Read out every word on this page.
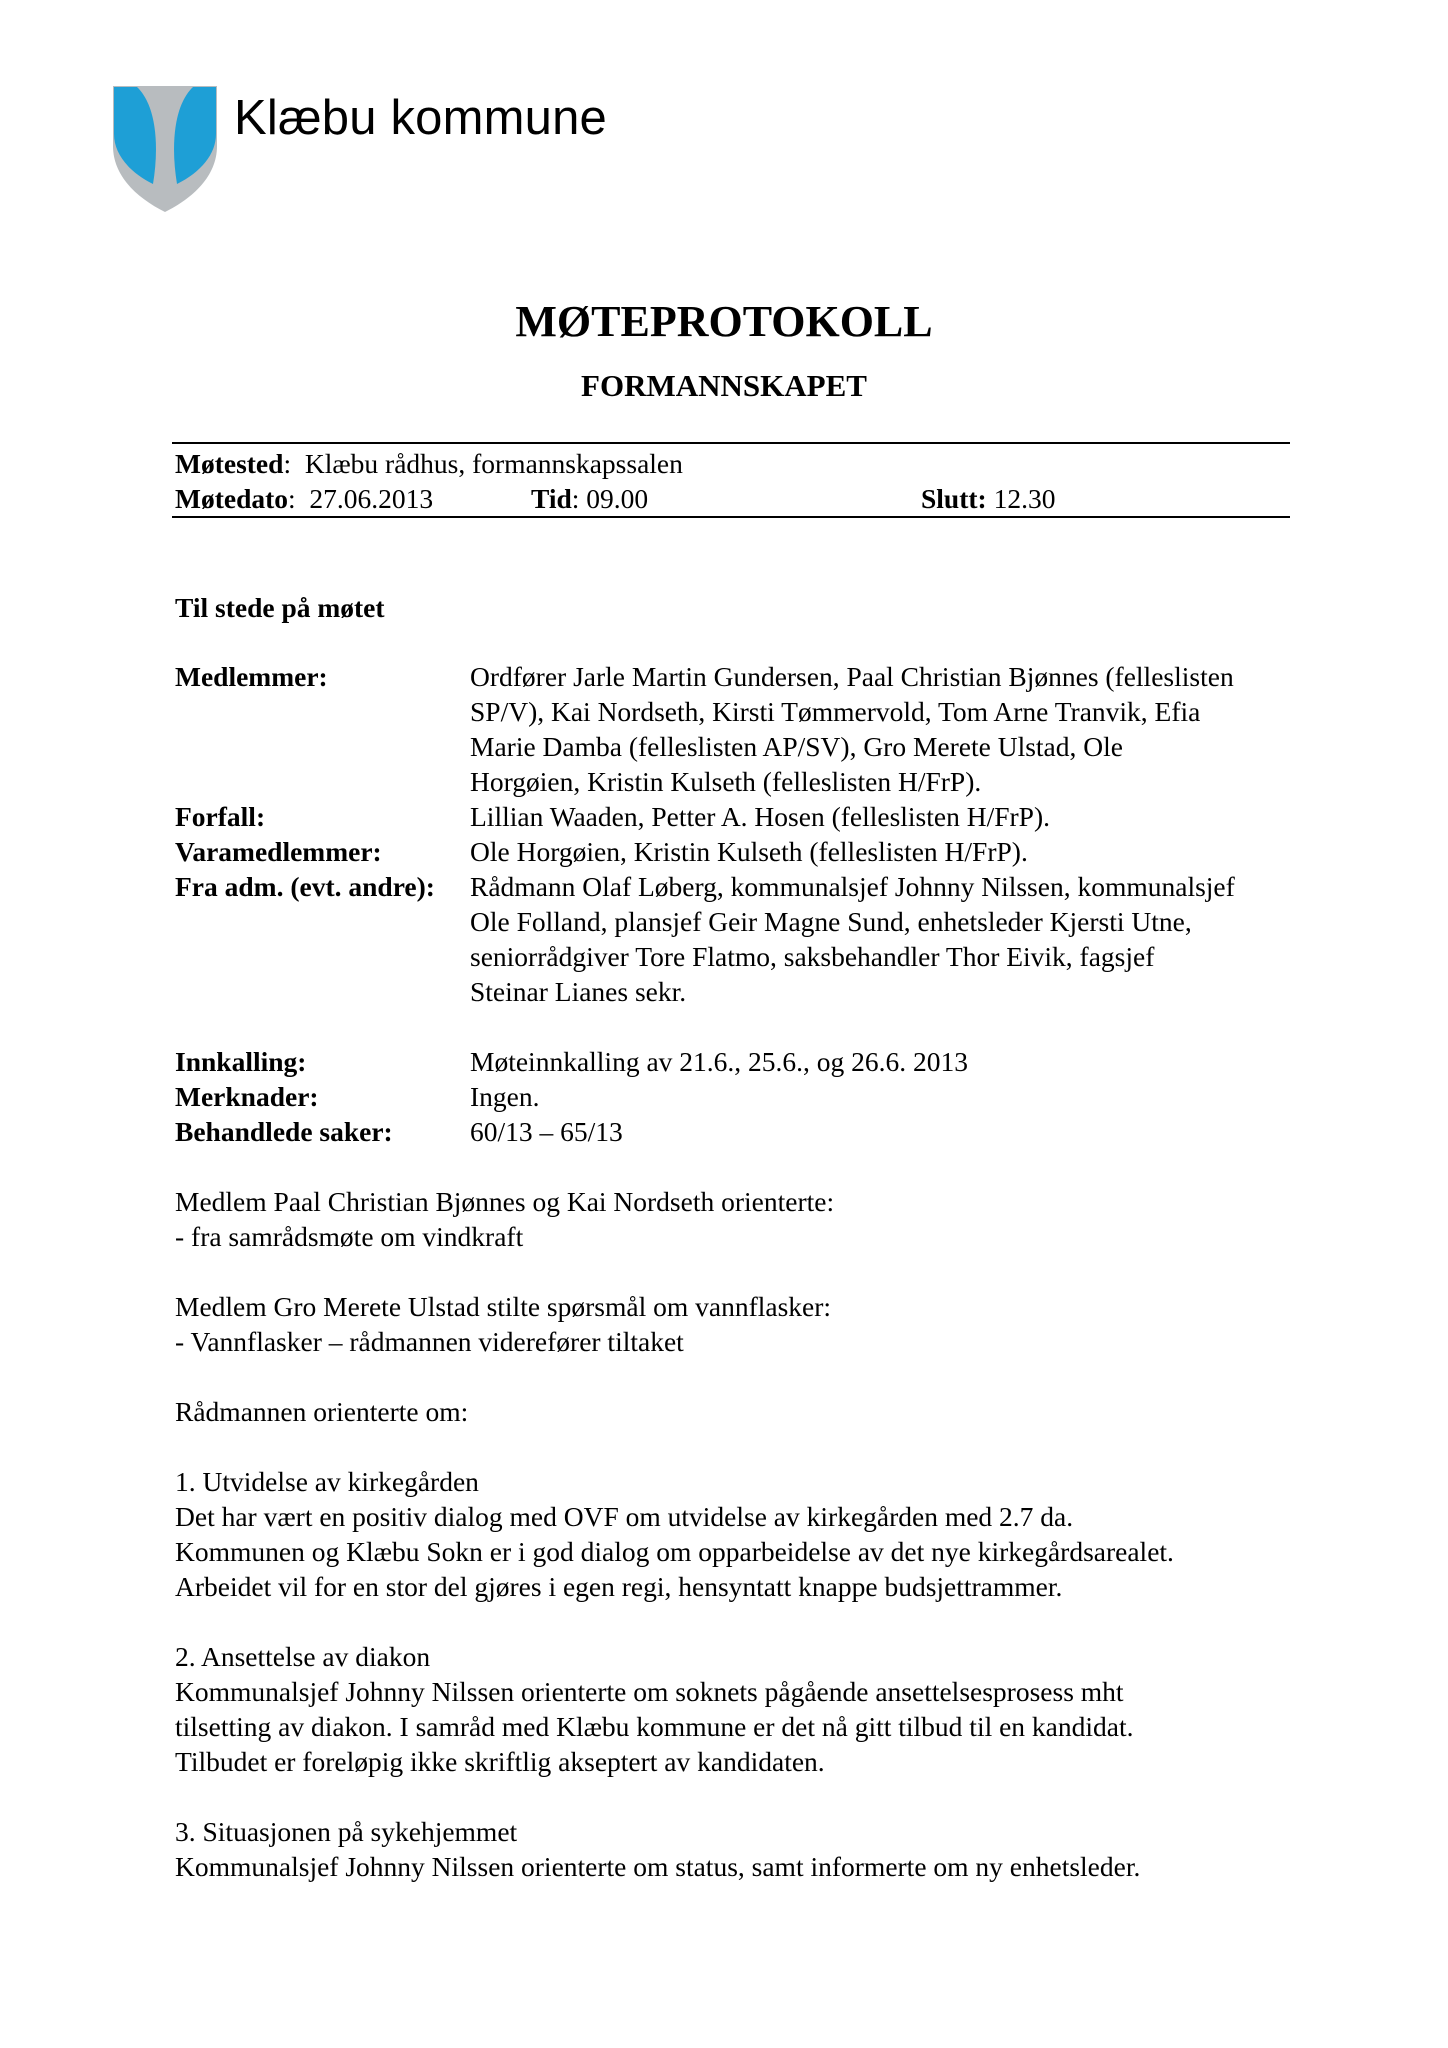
Klæbu kommune
MØTEPROTOKOLL
FORMANNSKAPET
Møtested:  Klæbu rådhus, formannskapssalen
Møtedato:  27.06.2013	Tid: 09.00	Slutt: 12.30
Til stede på møtet
Medlemmer:	Ordfører Jarle Martin Gundersen, Paal Christian Bjønnes (felleslisten
SP/V), Kai Nordseth, Kirsti Tømmervold, Tom Arne Tranvik, Efia
Marie Damba (felleslisten AP/SV), Gro Merete Ulstad, Ole
Horgøien, Kristin Kulseth (felleslisten H/FrP).
Forfall:	Lillian Waaden, Petter A. Hosen (felleslisten H/FrP).
Varamedlemmer:	Ole Horgøien, Kristin Kulseth (felleslisten H/FrP).
Fra adm. (evt. andre): Rådmann Olaf Løberg, kommunalsjef Johnny Nilssen, kommunalsjef
Ole Folland, plansjef Geir Magne Sund, enhetsleder Kjersti Utne,
seniorrådgiver Tore Flatmo, saksbehandler Thor Eivik, fagsjef
Steinar Lianes sekr.
Innkalling:	Møteinnkalling av 21.6., 25.6., og 26.6. 2013
Merknader:	Ingen.
Behandlede saker:	60/13 – 65/13
Medlem Paal Christian Bjønnes og Kai Nordseth orienterte:
- fra samrådsmøte om vindkraft
Medlem Gro Merete Ulstad stilte spørsmål om vannflasker:
- Vannflasker – rådmannen viderefører tiltaket
Rådmannen orienterte om:
1. Utvidelse av kirkegården
Det har vært en positiv dialog med OVF om utvidelse av kirkegården med 2.7 da.
Kommunen og Klæbu Sokn er i god dialog om opparbeidelse av det nye kirkegårdsarealet.
Arbeidet vil for en stor del gjøres i egen regi, hensyntatt knappe budsjettrammer.
2. Ansettelse av diakon
Kommunalsjef Johnny Nilssen orienterte om soknets pågående ansettelsesprosess mht
tilsetting av diakon. I samråd med Klæbu kommune er det nå gitt tilbud til en kandidat.
Tilbudet er foreløpig ikke skriftlig akseptert av kandidaten.
3. Situasjonen på sykehjemmet
Kommunalsjef Johnny Nilssen orienterte om status, samt informerte om ny enhetsleder.
